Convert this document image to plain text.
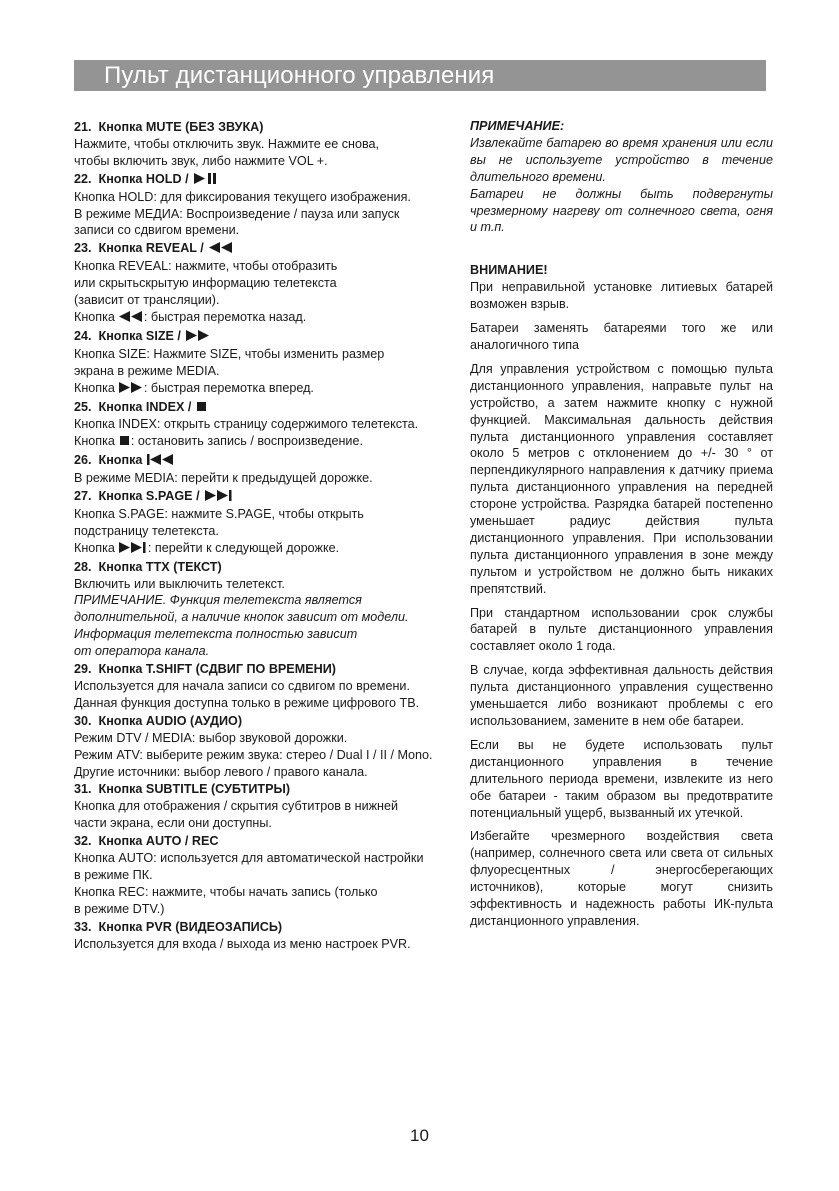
Пульт дистанционного управления
21. Кнопка MUTE (БЕЗ ЗВУКА)
Нажмите, чтобы отключить звук. Нажмите ее снова,
чтобы включить звук, либо нажмите VOL +.
22. Кнопка HOLD /
Кнопка HOLD: для фиксирования текущего изображения.
В режиме МЕДИА: Воспроизведение / пауза или запуск
записи со сдвигом времени.
23. Кнопка REVEAL /
Кнопка REVEAL: нажмите, чтобы отобразить
или скрытьскрытую информацию телетекста
(зависит от трансляции).
Кнопка : быстрая перемотка назад.
24. Кнопка SIZE /
Кнопка SIZE: Нажмите SIZE, чтобы изменить размер
экрана в режиме MEDIA.
Кнопка : быстрая перемотка вперед.
25. Кнопка INDEX /
Кнопка INDEX: открыть страницу содержимого телетекста.
Кнопка : остановить запись / воспроизведение.
26. Кнопка
В режиме MEDIA: перейти к предыдущей дорожке.
27. Кнопка S.PAGE /
Кнопка S.PAGE: нажмите S.PAGE, чтобы открыть
подстраницу телетекста.
Кнопка	: перейти к следующей дорожке.
28. Кнопка TTX (ТЕКСТ)
Включить или выключить телетекст.
ПРИМЕЧАНИЕ. Функция телетекста является
дополнительной, а наличие кнопок зависит от модели.
Информация телетекста полностью зависит
от оператора канала.
29. Кнопка T.SHIFT (СДВИГ ПО ВРЕМЕНИ)
Используется для начала записи со сдвигом по времени.
Данная функция доступна только в режиме цифрового ТВ.
30. Кнопка AUDIO (АУДИО)
Режим DTV / MEDIA: выбор звуковой дорожки.
Режим ATV: выберите режим звука: стерео / Dual I / II / Mono.
Другие источники: выбор левого / правого канала.
31. Кнопка SUBTITLE (СУБТИТРЫ)
Кнопка для отображения / скрытия субтитров в нижней
части экрана, если они доступны.
32. Кнопка AUTO / REC
Кнопка AUTO: используется для автоматической настройки
в режиме ПК.
Кнопка REC: нажмите, чтобы начать запись (только
в режиме DTV.)
33. Кнопка PVR (ВИДЕОЗАПИСЬ)
Используется для входа / выхода из меню настроек PVR.
ПРИМЕЧАНИЕ:
Извлекайте батарею во время хранения или если вы не используете устройство в течение длительного времени.
Батареи не должны быть подвергнуты чрезмерному нагреву от солнечного света, огня и т.п.
ВНИМАНИЕ!
При неправильной установке литиевых батарей возможен взрыв.
Батареи заменять батареями того же или аналогичного типа
Для управления устройством с помощью пульта дистанционного управления, направьте пульт на устройство, а затем нажмите кнопку с нужной функцией. Максимальная дальность действия пульта дистанционного управления составляет около 5 метров с отклонением до +/- 30 ° от перпендикулярного направления к датчику приема пульта дистанционного управления на передней стороне устройства. Разрядка батарей постепенно уменьшает радиус действия пульта дистанционного управления. При использовании пульта дистанционного управления в зоне между пультом и устройством не должно быть никаких препятствий.
При стандартном использовании срок службы батарей в пульте дистанционного управления составляет около 1 года.
В случае, когда эффективная дальность действия пульта дистанционного управления существенно уменьшается либо возникают проблемы с его использованием, замените в нем обе батареи.
Если вы не будете использовать пульт дистанционного управления в течение длительного периода времени, извлеките из него обе батареи - таким образом вы предотвратите потенциальный ущерб, вызванный их утечкой.
Избегайте чрезмерного воздействия света (например, солнечного света или света от сильных флуоресцентных / энергосберегающих источников), которые могут снизить эффективность и надежность работы ИК-пульта дистанционного управления.
10
